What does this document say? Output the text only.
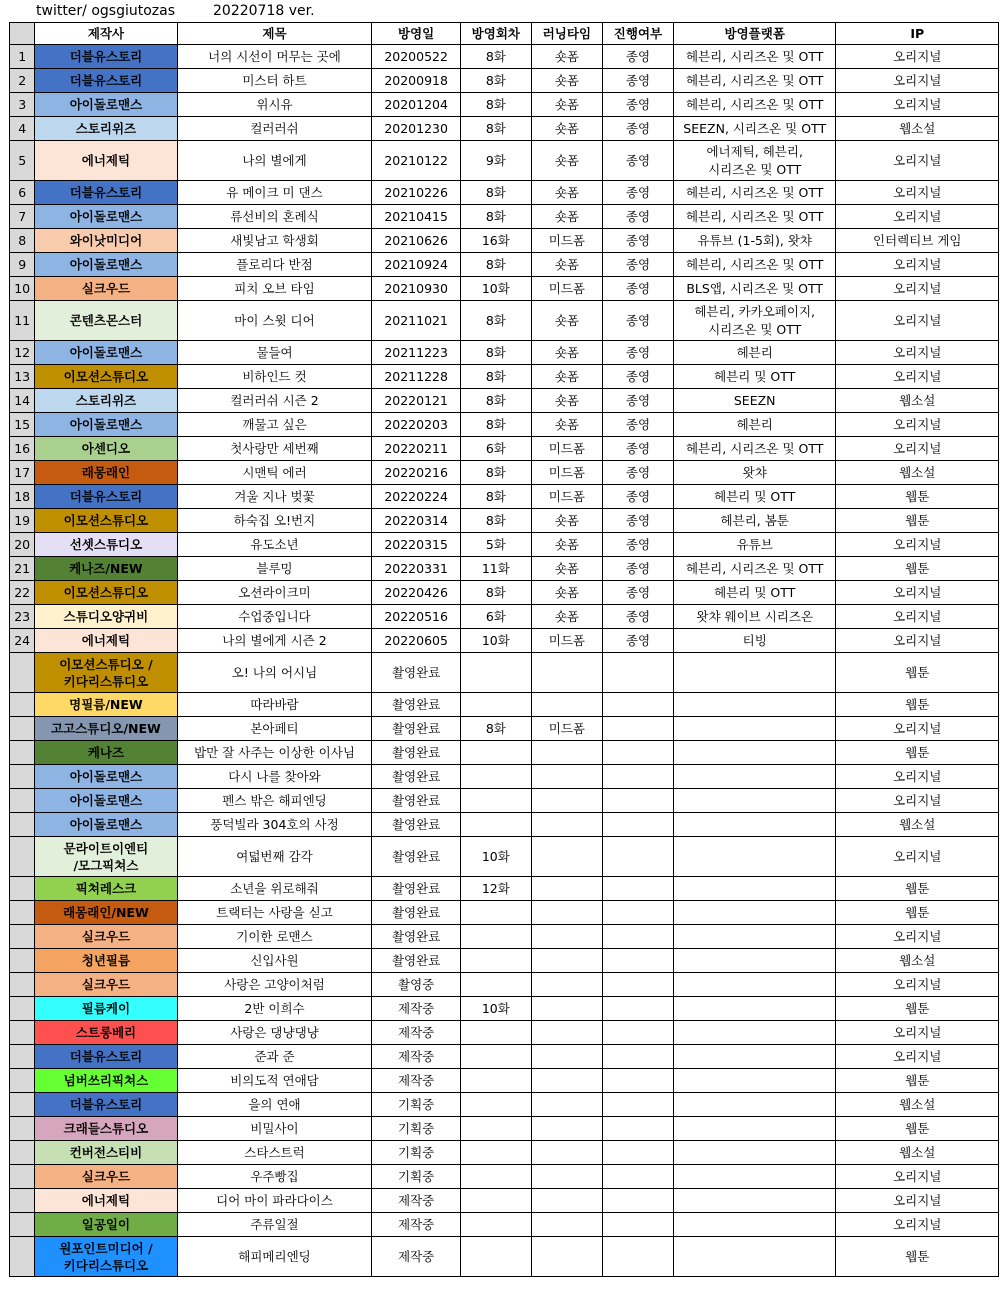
twitter/ ogsgiutozas	20220718 ver.
	제작사	제목	방영일	방영회차	러닝타임	진행여부	방영플랫폼	IP
1	더블유스토리	너의 시선이 머무는 곳에	20200522	8화	숏폼	종영	헤븐리, 시리즈온 및 OTT	오리지널
2	더블유스토리	미스터 하트	20200918	8화	숏폼	종영	헤븐리, 시리즈온 및 OTT	오리지널
3	아이돌로맨스	위시유	20201204	8화	숏폼	종영	헤븐리, 시리즈온 및 OTT	오리지널
4	스토리위즈	컬러러쉬	20201230	8화	숏폼	종영	SEEZN, 시리즈온 및 OTT	웹소설
5	에너제틱	나의 별에게	20210122	9화	숏폼	종영	에너제틱, 헤븐리,
시리즈온 및 OTT	오리지널
6	더블유스토리	유 메이크 미 댄스	20210226	8화	숏폼	종영	헤븐리, 시리즈온 및 OTT	오리지널
7	아이돌로맨스	류선비의 혼례식	20210415	8화	숏폼	종영	헤븐리, 시리즈온 및 OTT	오리지널
8	와이낫미디어	새빛남고 학생회	20210626	16화	미드폼	종영	유튜브 (1-5회), 왓챠	인터렉티브 게임
9	아이돌로맨스	플로리다 반점	20210924	8화	숏폼	종영	헤븐리, 시리즈온 및 OTT	오리지널
10	실크우드	피치 오브 타임	20210930	10화	미드폼	종영	BLS앱, 시리즈온 및 OTT	오리지널
11	콘텐츠몬스터	마이 스윗 디어	20211021	8화	숏폼	종영	헤븐리, 카카오페이지,
시리즈온 및 OTT	오리지널
12	아이돌로맨스	물들여	20211223	8화	숏폼	종영	헤븐리	오리지널
13	이모션스튜디오	비하인드 컷	20211228	8화	숏폼	종영	헤븐리 및 OTT	오리지널
14	스토리위즈	컬러러쉬 시즌 2	20220121	8화	숏폼	종영	SEEZN	웹소설
15	아이돌로맨스	깨물고 싶은	20220203	8화	숏폼	종영	헤븐리	오리지널
16	아센디오	첫사랑만 세번째	20220211	6화	미드폼	종영	헤븐리, 시리즈온 및 OTT	오리지널
17	래몽래인	시맨틱 에러	20220216	8화	미드폼	종영	왓챠	웹소설
18	더블유스토리	겨울 지나 벚꽃	20220224	8화	미드폼	종영	헤븐리 및 OTT	웹툰
19	이모션스튜디오	하숙집 오!번지	20220314	8화	숏폼	종영	헤븐리, 봄툰	웹툰
20	선셋스튜디오	유도소년	20220315	5화	숏폼	종영	유튜브	오리지널
21	케나즈/NEW	블루밍	20220331	11화	숏폼	종영	헤븐리, 시리즈온 및 OTT	웹툰
22	이모션스튜디오	오션라이크미	20220426	8화	숏폼	종영	헤븐리 및 OTT	오리지널
23	스튜디오양귀비	수업중입니다	20220516	6화	숏폼	종영	왓챠 웨이브 시리즈온	오리지널
24	에너제틱	나의 별에게 시즌 2	20220605	10화	미드폼	종영	티빙	오리지널
	이모션스튜디오 /
키다리스튜디오	오! 나의 어시님	촬영완료					웹툰
	명필름/NEW	따라바람	촬영완료					웹툰
	고고스튜디오/NEW	본아페티	촬영완료	8화	미드폼			오리지널
	케나즈	밥만 잘 사주는 이상한 이사님	촬영완료					웹툰
	아이돌로맨스	다시 나를 찾아와	촬영완료					오리지널
	아이돌로맨스	펜스 밖은 해피엔딩	촬영완료					오리지널
	아이돌로맨스	풍덕빌라 304호의 사정	촬영완료					웹소설
	문라이트이엔티
/모그픽쳐스	여덟번째 감각	촬영완료	10화				오리지널
	픽쳐레스크	소년을 위로해줘	촬영완료	12화				웹툰
	래몽래인/NEW	트랙터는 사랑을 싣고	촬영완료					웹툰
	실크우드	기이한 로맨스	촬영완료					오리지널
	청년필름	신입사원	촬영완료					웹소설
	실크우드	사랑은 고양이처럼	촬영중					오리지널
	필름케이	2반 이희수	제작중	10화				웹툰
	스트롱베리	사랑은 댕냥댕냥	제작중					오리지널
	더블유스토리	준과 준	제작중					오리지널
	넘버쓰리픽쳐스	비의도적 연애담	제작중					웹툰
	더블유스토리	을의 연애	기획중					웹소설
	크래들스튜디오	비밀사이	기획중					웹툰
	컨버전스티비	스타스트럭	기획중					웹소설
	실크우드	우주빵집	기획중					오리지널
	에너제틱	디어 마이 파라다이스	제작중					오리지널
	일공일이	주류일절	제작중					오리지널
	원포인트미디어 /
키다리스튜디오	해피메리엔딩	제작중					웹툰
